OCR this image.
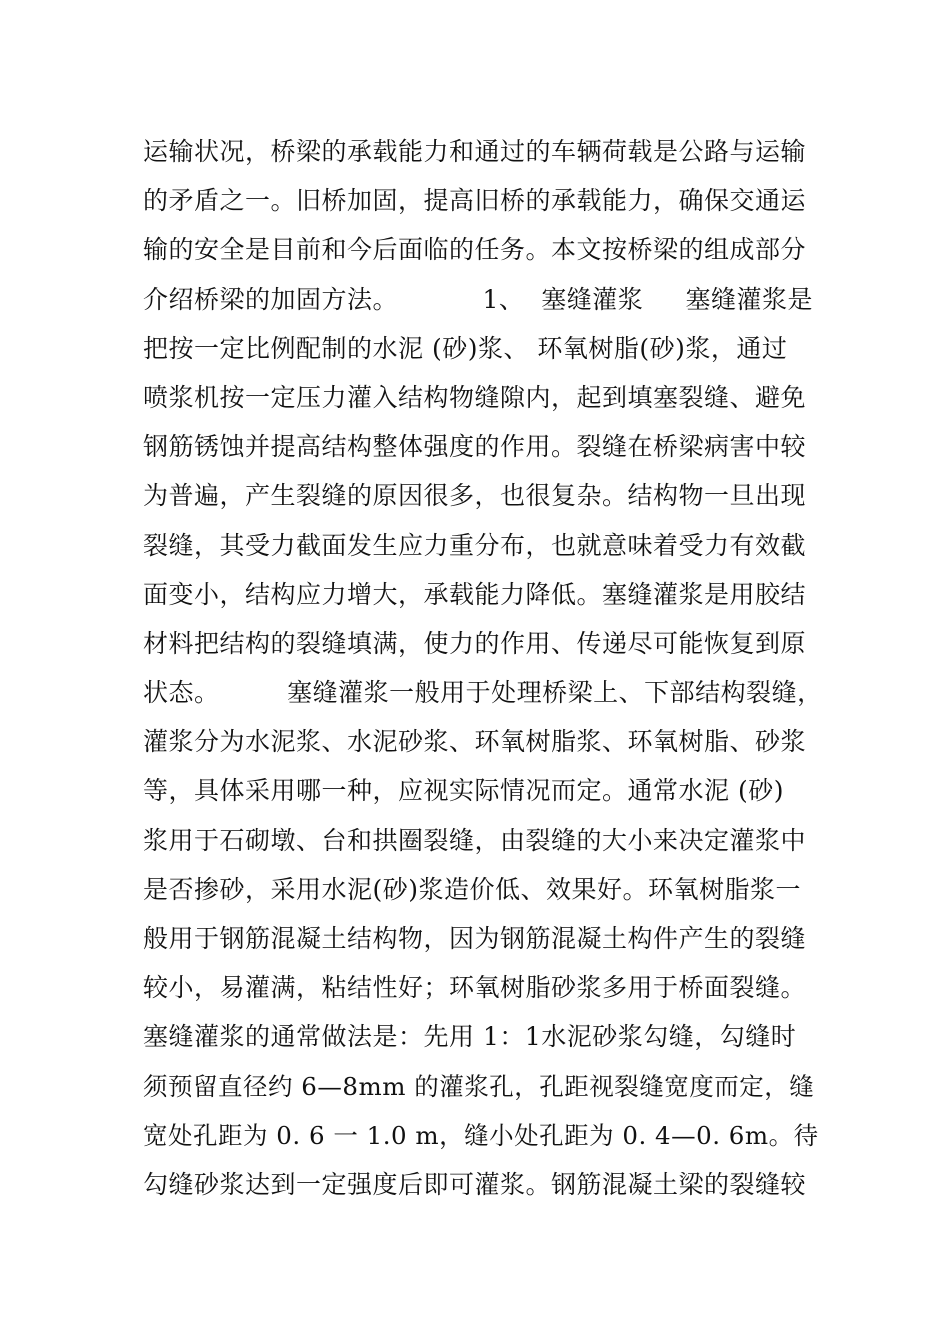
运输状况，桥梁的承载能力和通过的车辆荷载是公路与运输
的矛盾之一。旧桥加固，提高旧桥的承载能力，确保交通运
输的安全是目前和今后面临的任务。本文按桥梁的组成部分
介绍桥梁的加固方法。          1、  塞缝灌浆     塞缝灌浆是
把按一定比例配制的水泥 (砂)浆、 环氧树脂(砂)浆，通过
喷浆机按一定压力灌入结构物缝隙内，起到填塞裂缝、避免
钢筋锈蚀并提高结构整体强度的作用。裂缝在桥梁病害中较
为普遍，产生裂缝的原因很多，也很复杂。结构物一旦出现
裂缝，其受力截面发生应力重分布，也就意味着受力有效截
面变小，结构应力增大，承载能力降低。塞缝灌浆是用胶结
材料把结构的裂缝填满，使力的作用、传递尽可能恢复到原
状态。        塞缝灌浆一般用于处理桥梁上、下部结构裂缝，
灌浆分为水泥浆、水泥砂浆、环氧树脂浆、环氧树脂、砂浆
等，具体采用哪一种，应视实际情况而定。通常水泥 (砂)
浆用于石砌墩、台和拱圈裂缝，由裂缝的大小来决定灌浆中
是否掺砂，采用水泥(砂)浆造价低、效果好。环氧树脂浆一
般用于钢筋混凝土结构物，因为钢筋混凝土构件产生的裂缝
较小，易灌满，粘结性好；环氧树脂砂浆多用于桥面裂缝。
塞缝灌浆的通常做法是：先用 1：1水泥砂浆勾缝，勾缝时
须预留直径约 6—8mm 的灌浆孔，孔距视裂缝宽度而定，缝
宽处孔距为 0. 6 一 1.0 m，缝小处孔距为 0. 4—0. 6m。待
勾缝砂浆达到一定强度后即可灌浆。钢筋混凝土梁的裂缝较
